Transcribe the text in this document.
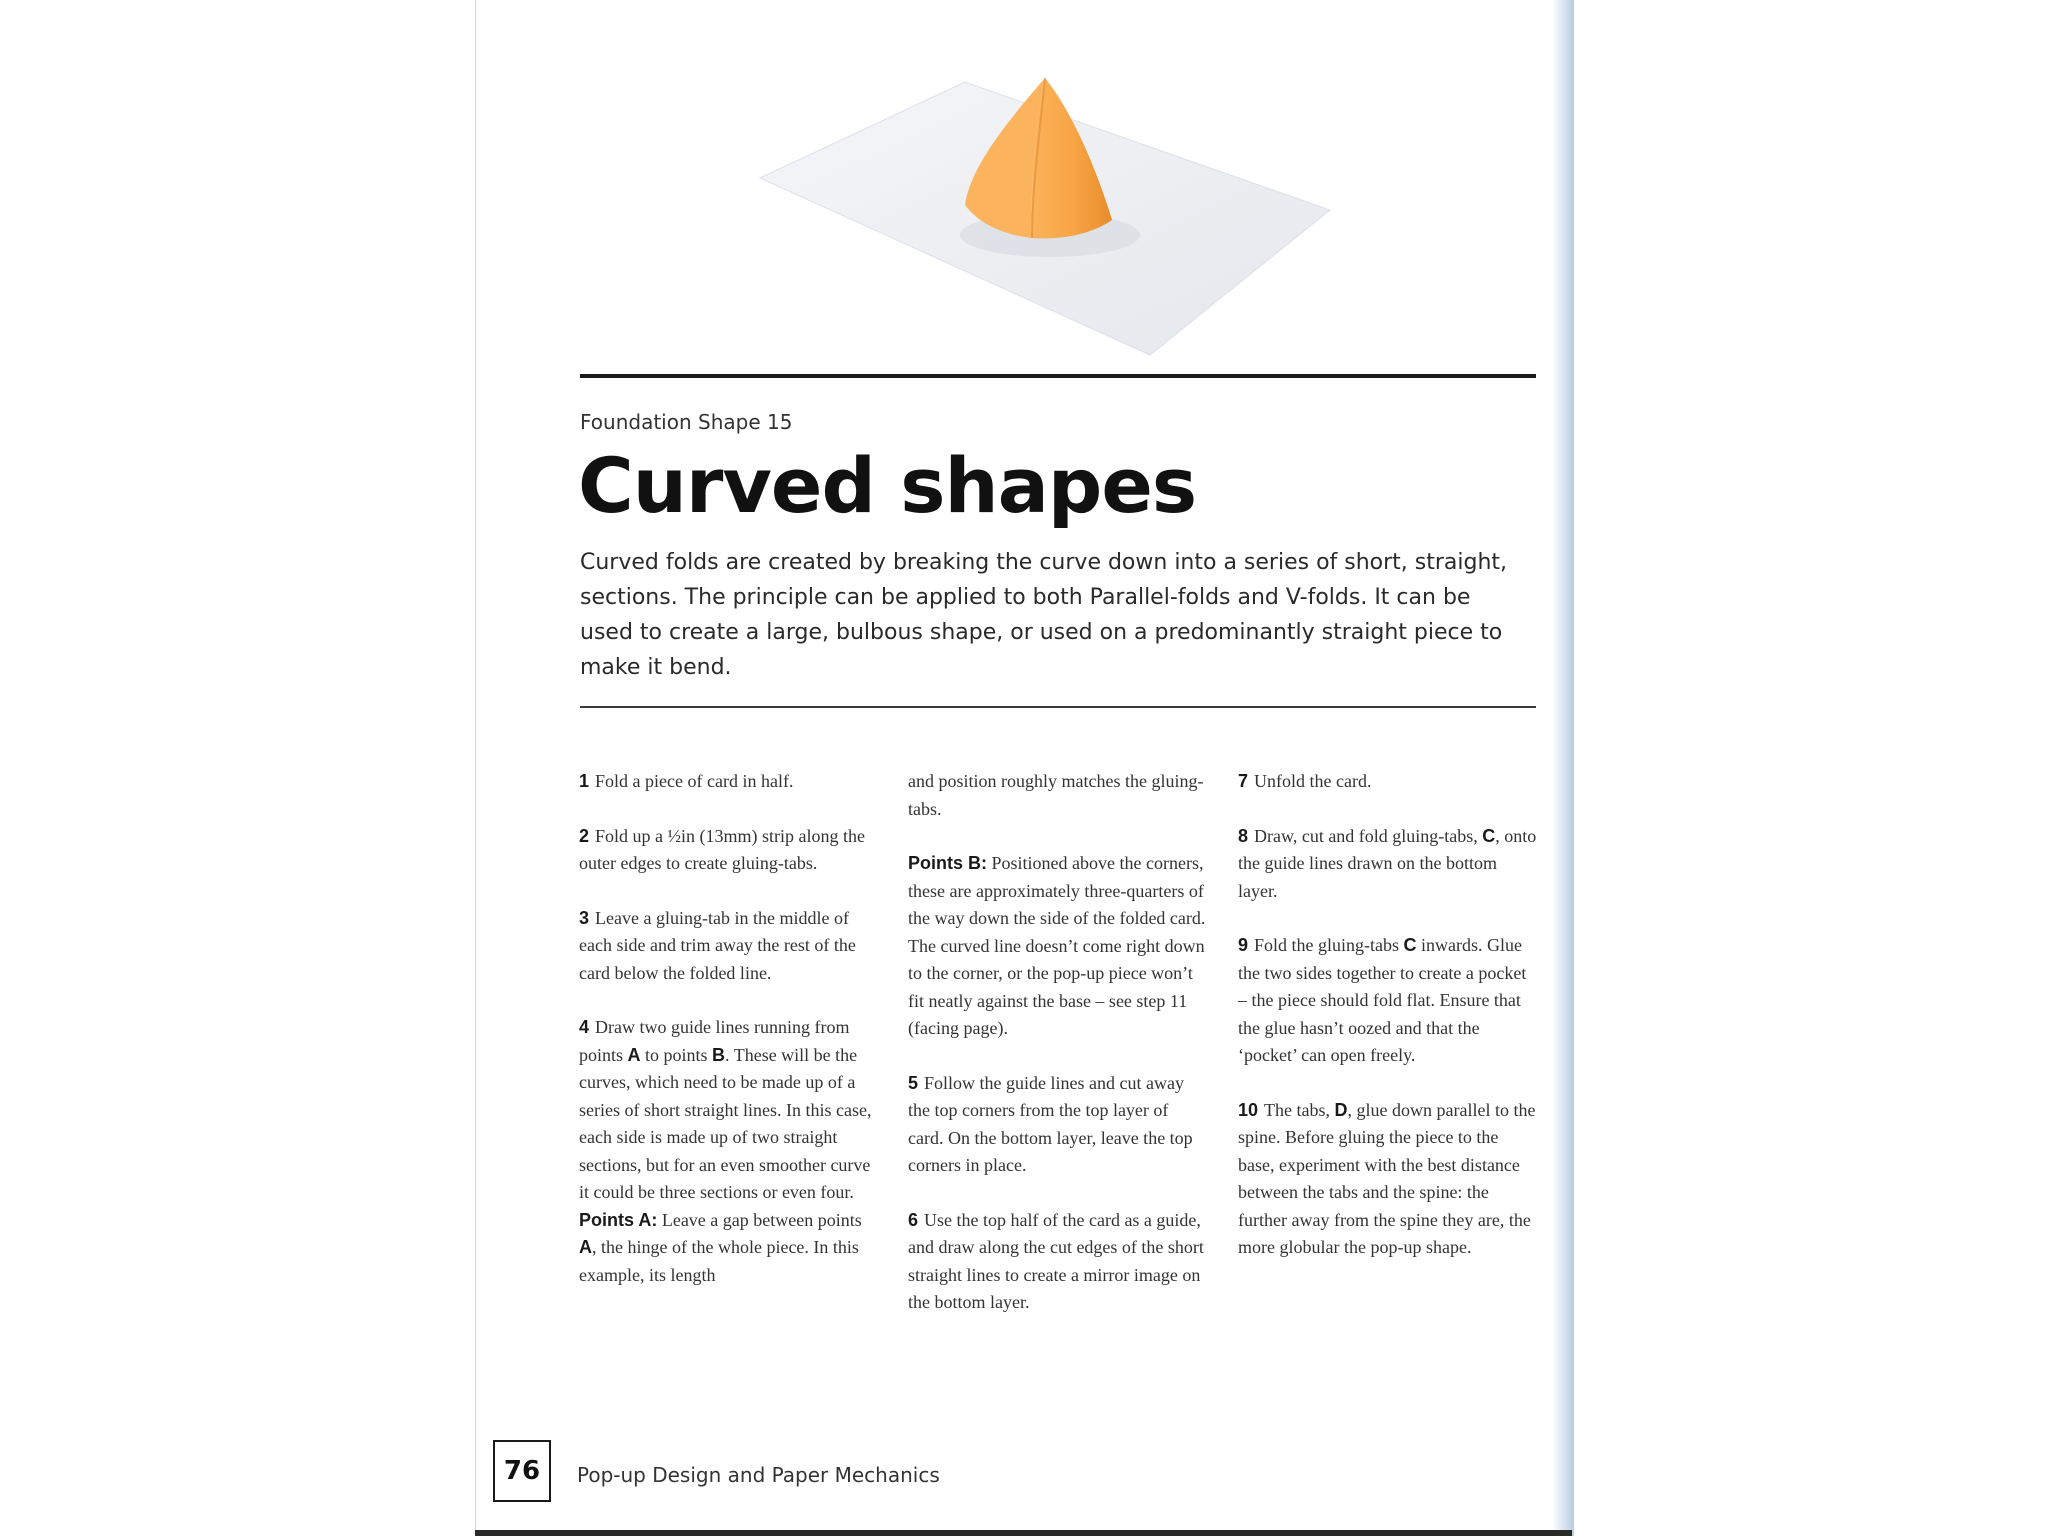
Foundation Shape 15
Curved shapes

Curved folds are created by breaking the curve down into a series of short, straight, sections. The principle can be applied to both Parallel-folds and V-folds. It can be used to create a large, bulbous shape, or used on a predominantly straight piece to make it bend.

1 Fold a piece of card in half.

2 Fold up a ½in (13mm) strip along the outer edges to create gluing-tabs.

3 Leave a gluing-tab in the middle of each side and trim away the rest of the card below the folded line.

4 Draw two guide lines running from points A to points B. These will be the curves, which need to be made up of a series of short straight lines. In this case, each side is made up of two straight sections, but for an even smoother curve it could be three sections or even four.
Points A: Leave a gap between points A, the hinge of the whole piece. In this example, its length

and position roughly matches the gluing-tabs.

Points B: Positioned above the corners, these are approximately three-quarters of the way down the side of the folded card. The curved line doesn’t come right down to the corner, or the pop-up piece won’t fit neatly against the base – see step 11 (facing page).

5 Follow the guide lines and cut away the top corners from the top layer of card. On the bottom layer, leave the top corners in place.

6 Use the top half of the card as a guide, and draw along the cut edges of the short straight lines to create a mirror image on the bottom layer.

7 Unfold the card.

8 Draw, cut and fold gluing-tabs, C, onto the guide lines drawn on the bottom layer.

9 Fold the gluing-tabs C inwards. Glue the two sides together to create a pocket – the piece should fold flat. Ensure that the glue hasn’t oozed and that the ‘pocket’ can open freely.

10 The tabs, D, glue down parallel to the spine. Before gluing the piece to the base, experiment with the best distance between the tabs and the spine: the further away from the spine they are, the more globular the pop-up shape.

76	Pop-up Design and Paper Mechanics
